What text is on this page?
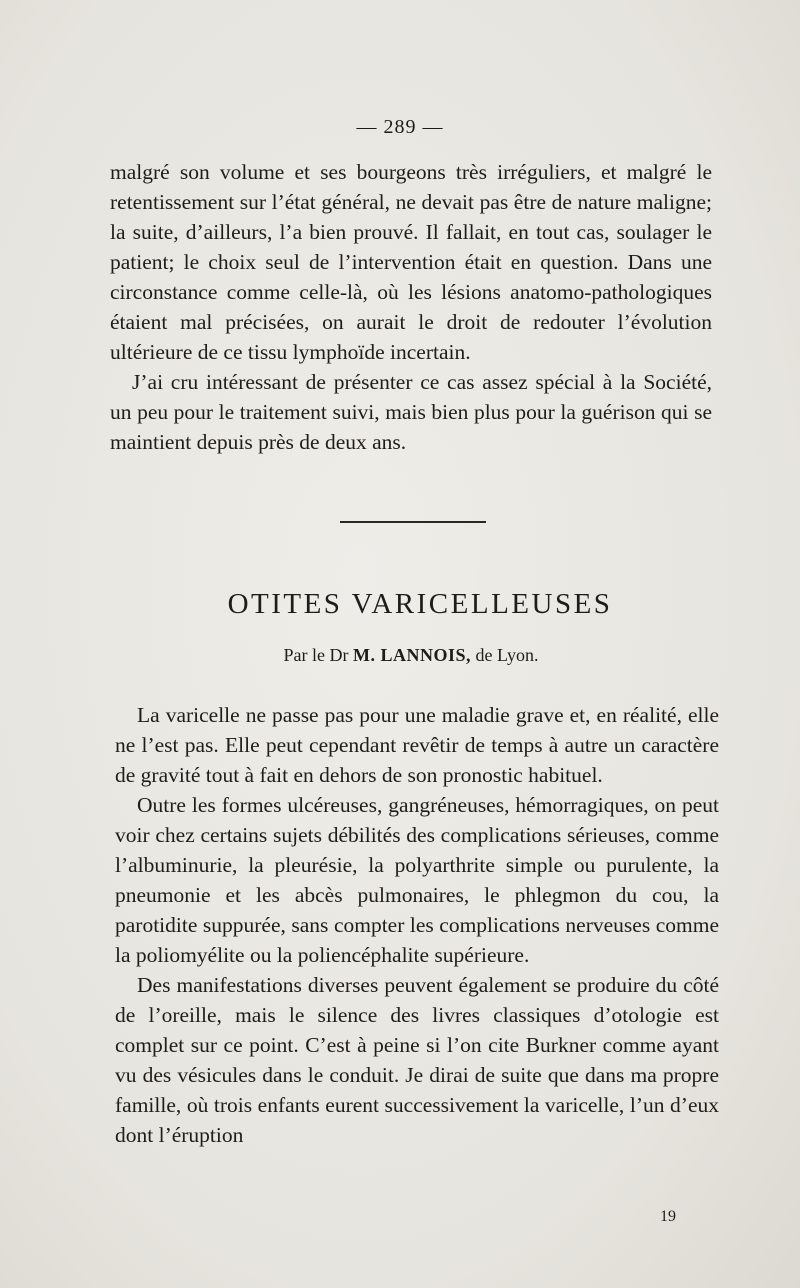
— 289 —

malgré son volume et ses bourgeons très irréguliers, et malgré le retentissement sur l’état général, ne devait pas être de nature maligne; la suite, d’ailleurs, l’a bien prouvé. Il fallait, en tout cas, soulager le patient; le choix seul de l’intervention était en question. Dans une circonstance comme celle-là, où les lésions anatomo-pathologiques étaient mal précisées, on aurait le droit de redouter l’évolution ultérieure de ce tissu lymphoïde incertain.

J’ai cru intéressant de présenter ce cas assez spécial à la Société, un peu pour le traitement suivi, mais bien plus pour la guérison qui se maintient depuis près de deux ans.

OTITES VARICELLEUSES
Par le Dr M. LANNOIS, de Lyon.

La varicelle ne passe pas pour une maladie grave et, en réalité, elle ne l’est pas. Elle peut cependant revêtir de temps à autre un caractère de gravité tout à fait en dehors de son pronostic habituel.

Outre les formes ulcéreuses, gangréneuses, hémorragiques, on peut voir chez certains sujets débilités des complications sérieuses, comme l’albuminurie, la pleurésie, la polyarthrite simple ou purulente, la pneumonie et les abcès pulmonaires, le phlegmon du cou, la parotidite suppurée, sans compter les complications nerveuses comme la poliomyélite ou la poliencéphalite supérieure.

Des manifestations diverses peuvent également se produire du côté de l’oreille, mais le silence des livres classiques d’otologie est complet sur ce point. C’est à peine si l’on cite Burkner comme ayant vu des vésicules dans le conduit. Je dirai de suite que dans ma propre famille, où trois enfants eurent successivement la varicelle, l’un d’eux dont l’éruption

19
